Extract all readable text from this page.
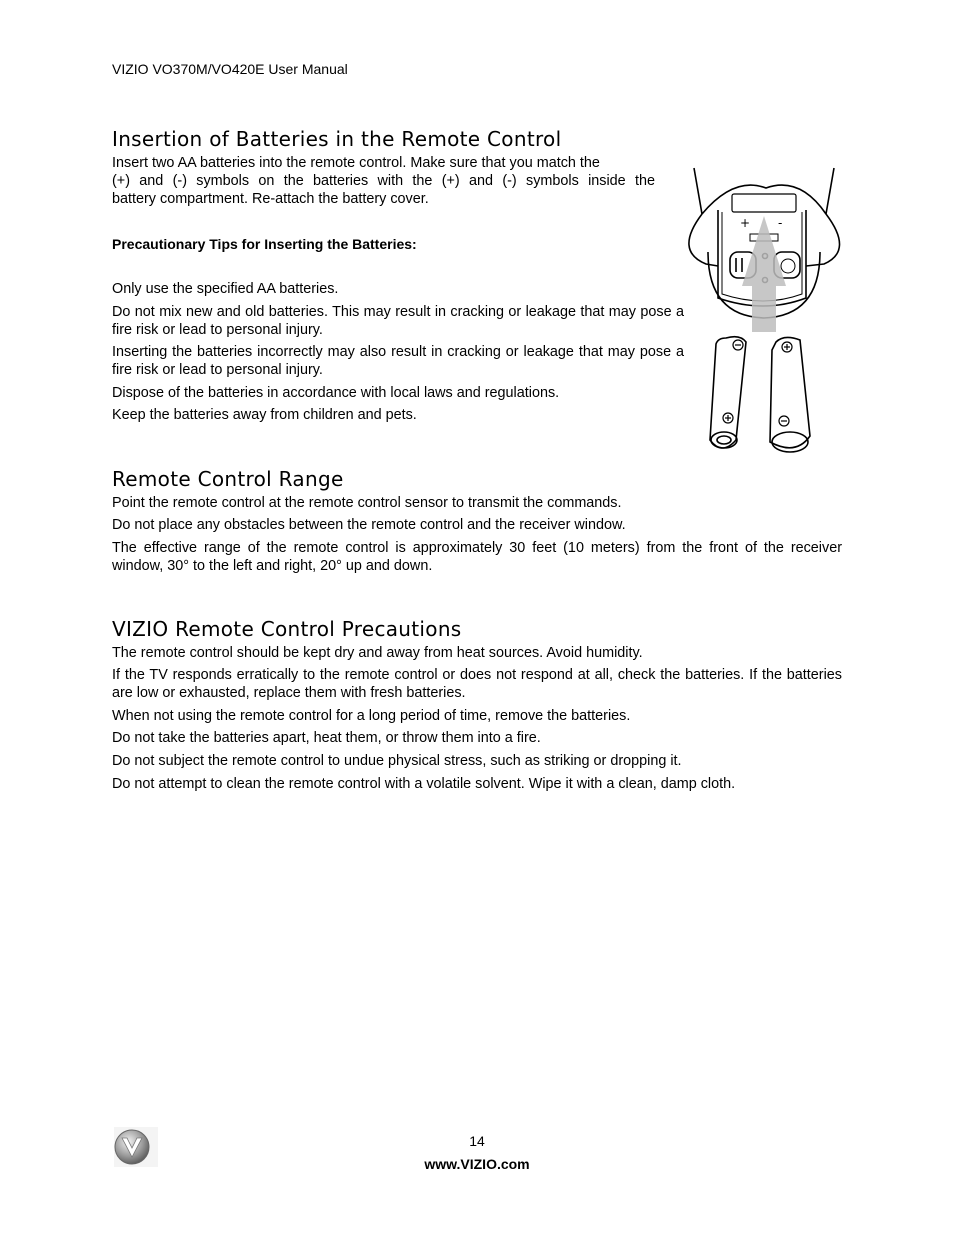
VIZIO VO370M/VO420E User Manual
Insertion of Batteries in the Remote Control

Insert two AA batteries into the remote control. Make sure that you match the

(+) and (-) symbols on the batteries with the (+) and (-) symbols inside the

battery compartment. Re-attach the battery cover.

Precautionary Tips for Inserting the Batteries:

Only use the specified AA batteries.

Do not mix new and old batteries. This may result in cracking or leakage that may pose a fire risk or lead to personal injury.

Inserting the batteries incorrectly may also result in cracking or leakage that may pose a fire risk or lead to personal injury.

Dispose of the batteries in accordance with local laws and regulations.

Keep the batteries away from children and pets.

+ -
Remote Control Range

Point the remote control at the remote control sensor to transmit the commands.

Do not place any obstacles between the remote control and the receiver window.

The effective range of the remote control is approximately 30 feet (10 meters) from the front of the receiver window, 30° to the left and right, 20° up and down.

VIZIO Remote Control Precautions

The remote control should be kept dry and away from heat sources. Avoid humidity.

If the TV responds erratically to the remote control or does not respond at all, check the batteries. If the batteries are low or exhausted, replace them with fresh batteries.

When not using the remote control for a long period of time, remove the batteries.

Do not take the batteries apart, heat them, or throw them into a fire.

Do not subject the remote control to undue physical stress, such as striking or dropping it.

Do not attempt to clean the remote control with a volatile solvent. Wipe it with a clean, damp cloth.

14
www.VIZIO.com
